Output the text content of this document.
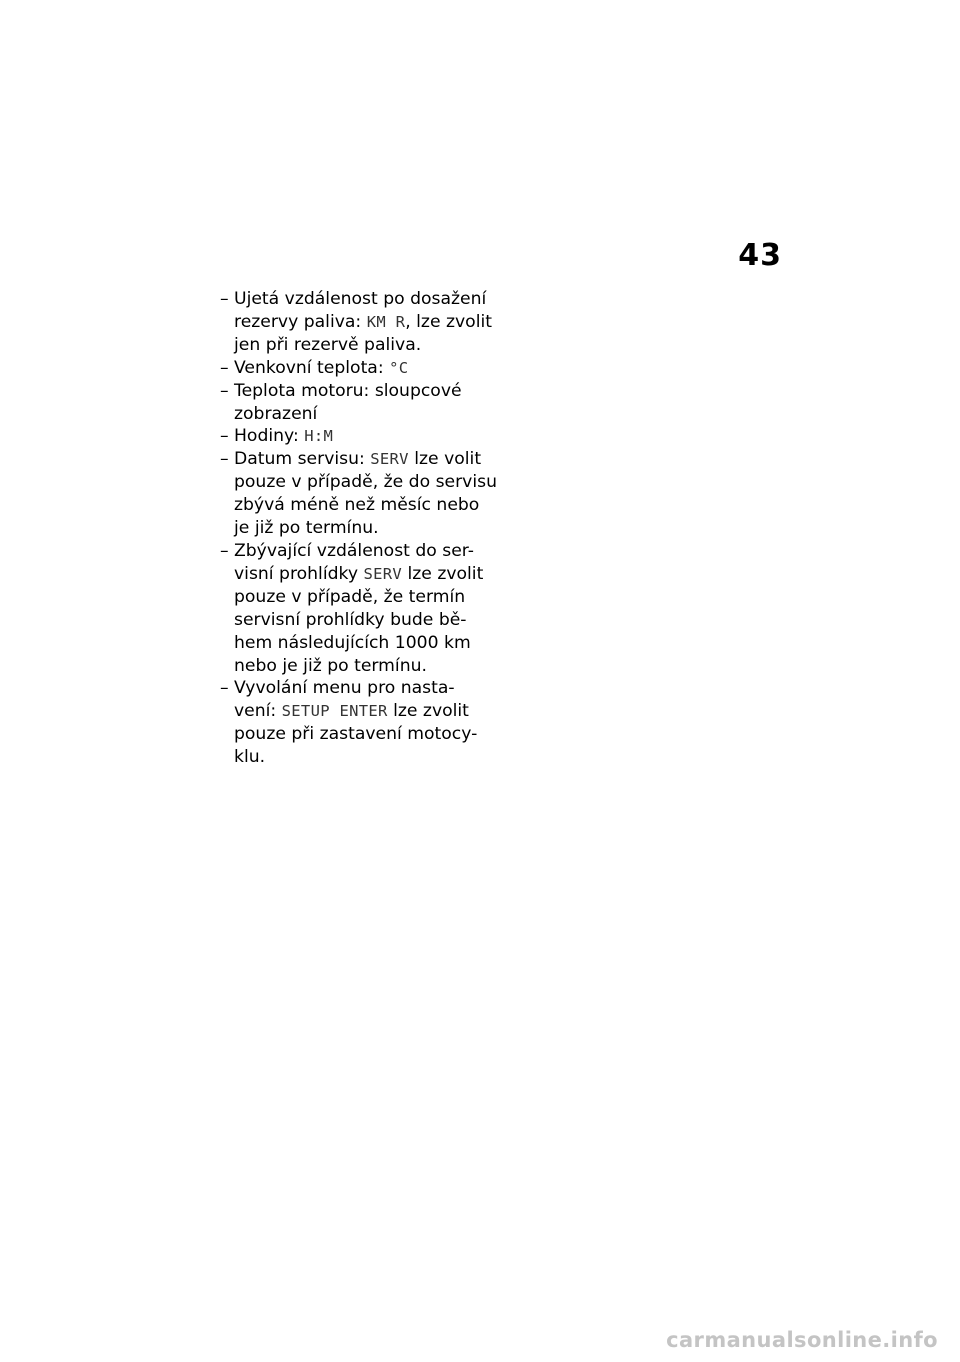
43
– Ujetá vzdálenost po dosažení
rezervy paliva: KM R, lze zvolit
jen při rezervě paliva.
– Venkovní teplota: °C
– Teplota motoru: sloupcové
zobrazení
– Hodiny: H:M
– Datum servisu: SERV lze volit
pouze v případě, že do servisu
zbývá méně než měsíc nebo
je již po termínu.
– Zbývající vzdálenost do ser-
visní prohlídky SERV lze zvolit
pouze v případě, že termín
servisní prohlídky bude bě-
hem následujících 1000 km
nebo je již po termínu.
– Vyvolání menu pro nasta-
vení: SETUP ENTER lze zvolit
pouze při zastavení motocy-
klu.
carmanualsonline.info
